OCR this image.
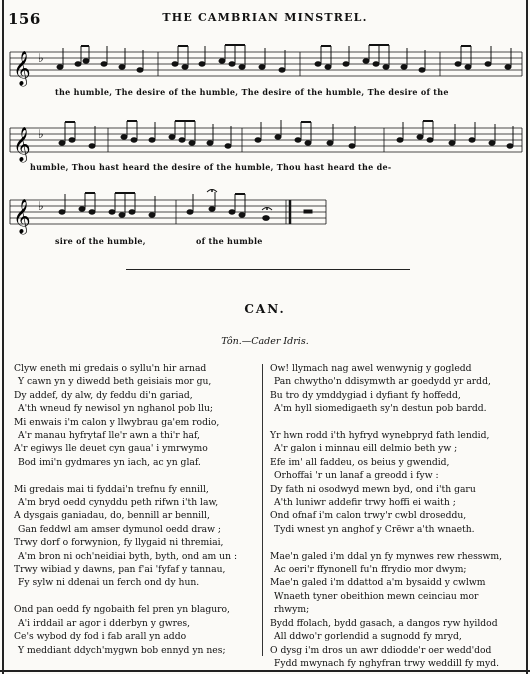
156	THE CAMBRIAN MINSTREL.
𝄞 ♭
the humble, The desire of the humble, The desire of the humble, The desire of the
𝄞 ♭
humble, Thou hast heard the desire of the humble, Thou hast heard the de-
𝄞 ♭
sire of the humble,	of the humble
CAN.
Tôn.—Cader Idris.
Clyw eneth mi gredais o syllu'n hir arnad
Y cawn yn y diwedd beth geisiais mor gu,
Dy addef, dy alw, dy feddu di'n gariad,
A'th wneud fy newisol yn nghanol pob llu;
Mi enwais i'm calon y llwybrau ga'em rodio,
A'r manau hyfrytaf lle'r awn a thi'r haf,
A'r egiwys lle deuet cyn gaua' i ymrwymo
Bod imi'n gydmares yn iach, ac yn glaf.
Mi gredais mai ti fyddai'n trefnu fy ennill,
A'm bryd oedd cynyddu peth rifwn i'th law,
A dysgais ganiadau, do, bennill ar bennill,
Gan feddwl am amser dymunol oedd draw ;
Trwy dorf o forwynion, fy llygaid ni thremiai,
A'm bron ni och'neidiai byth, byth, ond am un :
Trwy wibiad y dawns, pan f'ai 'fyfaf y tannau,
Fy sylw ni ddenai un ferch ond dy hun.
Ond pan oedd fy ngobaith fel pren yn blaguro,
A'i irddail ar agor i dderbyn y gwres,
Ce's wybod dy fod i fab arall yn addo
Y meddiant ddych'mygwn bob ennyd yn nes;
Ow! llymach nag awel wenwynig y gogledd
Pan chwytho'n ddisymwth ar goedydd yr ardd,
Bu tro dy ymddygiad i dyfiant fy hoffedd,
A'm hyll siomedigaeth sy'n destun pob bardd.
Yr hwn rodd i'th hyfryd wynebpryd fath lendid,
A'r galon i minnau eill delmio beth yw ;
Efe im' all faddeu, os beius y gwendid,
Orhoffai 'r un lanaf a greodd i fyw :
Dy fath ni osodwyd mewn byd, ond i'th garu
A'th luniwr addefir trwy hoffi ei waith ;
Ond ofnaf i'm calon trwy'r cwbl droseddu,
Tydi wnest yn anghof y Crëwr a'th wnaeth.
Mae'n galed i'm ddal yn fy mynwes rew rhesswm,
Ac oeri'r ffynonell fu'n ffrydio mor dwym;
Mae'n galed i'm ddattod a'm bysaidd y cwlwm
Wnaeth tyner obeithion mewn ceinciau mor rhwym;
Bydd ffolach, bydd gasach, a dangos ryw hyildod
All ddwo'r gorlendid a sugnodd fy mryd,
O dysg i'm dros un awr ddiodde'r oer wedd'dod
Fydd mwynach fy nghyfran trwy weddill fy myd.
